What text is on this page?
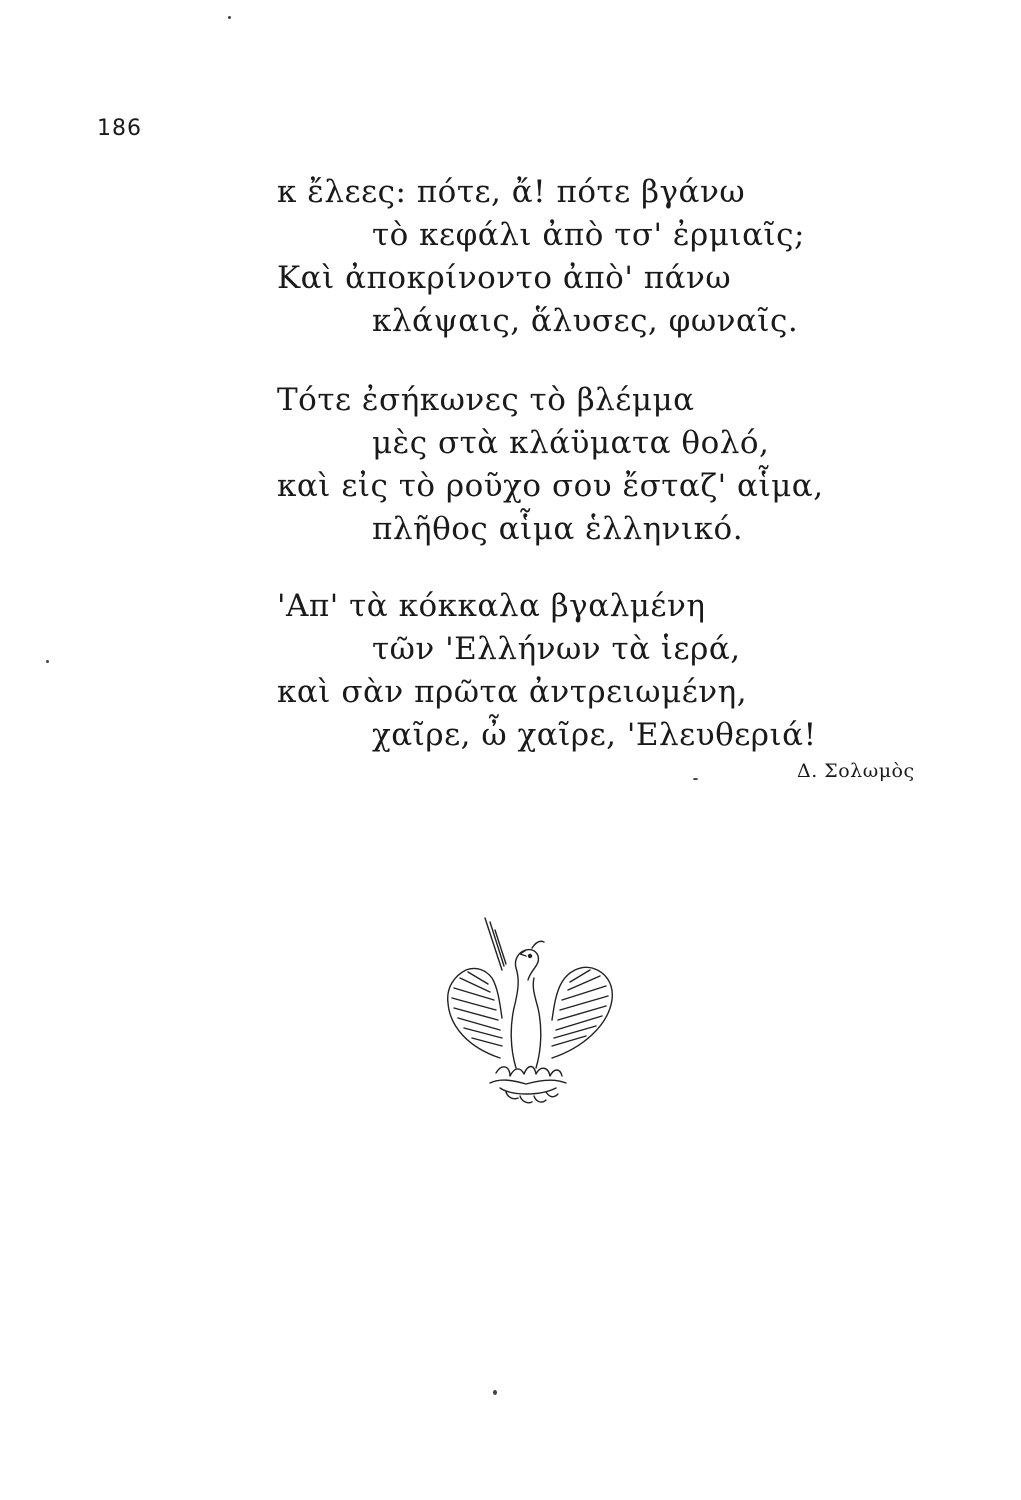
186
κ ἔλεες: πότε, ἄ! πότε βγάνω
τὸ κεφάλι ἀπὸ τσ' ἐρμιαῖς;
Καὶ ἀποκρίνοντο ἀπὸ' πάνω
κλάψαις, ἅλυσες, φωναῖς.
Τότε ἐσήκωνες τὸ βλέμμα
μὲς στὰ κλάϋματα θολό,
καὶ εἰς τὸ ροῦχο σου ἔσταζ' αἷμα,
πλῆθος αἷμα ἑλληνικό.
'Απ' τὰ κόκκαλα βγαλμένη
τῶν 'Ελλήνων τὰ ἱερά,
καὶ σὰν πρῶτα ἀντρειωμένη,
χαῖρε, ὦ χαῖρε, 'Ελευθεριά!
Δ. Σολωμὸς
